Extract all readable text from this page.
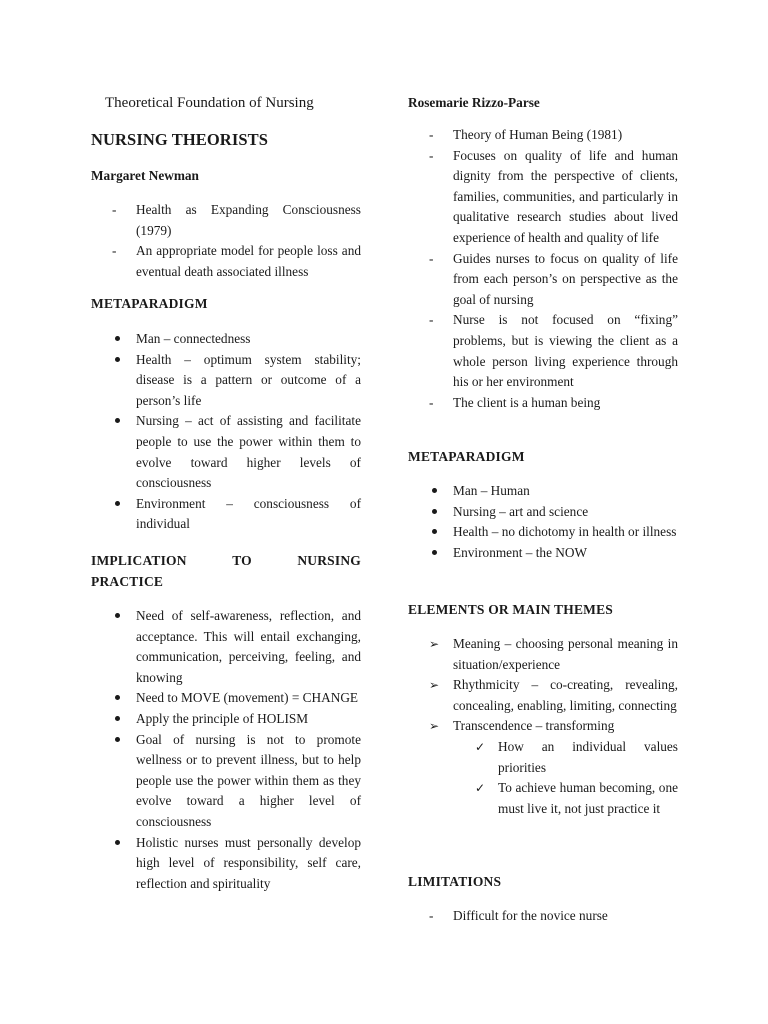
Theoretical Foundation of Nursing
NURSING THEORISTS
Margaret Newman
-	Health as Expanding Consciousness (1979)
-	An appropriate model for people loss and eventual death associated illness
METAPARADIGM
Man – connectedness
Health – optimum system stability; disease is a pattern or outcome of a person’s life
Nursing – act of assisting and facilitate people to use the power within them to evolve toward higher levels of consciousness
Environment – consciousness of individual
IMPLICATION	TO	NURSING
PRACTICE
Need of self-awareness, reflection, and acceptance. This will entail exchanging, communication, perceiving, feeling, and knowing
Need to MOVE (movement) = CHANGE
Apply the principle of HOLISM
Goal of nursing is not to promote wellness or to prevent illness, but to help people use the power within them as they evolve toward a higher level of consciousness
Holistic nurses must personally develop high level of responsibility, self care, reflection and spirituality
Rosemarie Rizzo-Parse
-	Theory of Human Being (1981)
-	Focuses on quality of life and human dignity from the perspective of clients, families, communities, and particularly in qualitative research studies about lived experience of health and quality of life
-	Guides nurses to focus on quality of life from each person’s on perspective as the goal of nursing
-	Nurse is not focused on “fixing” problems, but is viewing the client as a whole person living experience through his or her environment
-	The client is a human being
METAPARADIGM
Man – Human
Nursing – art and science
Health – no dichotomy in health or illness
Environment – the NOW
ELEMENTS OR MAIN THEMES
➢ Meaning – choosing personal meaning in situation/experience
➢ Rhythmicity – co-creating, revealing, concealing, enabling, limiting, connecting
➢ Transcendence – transforming
✓ How an individual values priorities
✓ To achieve human becoming, one must live it, not just practice it
LIMITATIONS
-	Difficult for the novice nurse
